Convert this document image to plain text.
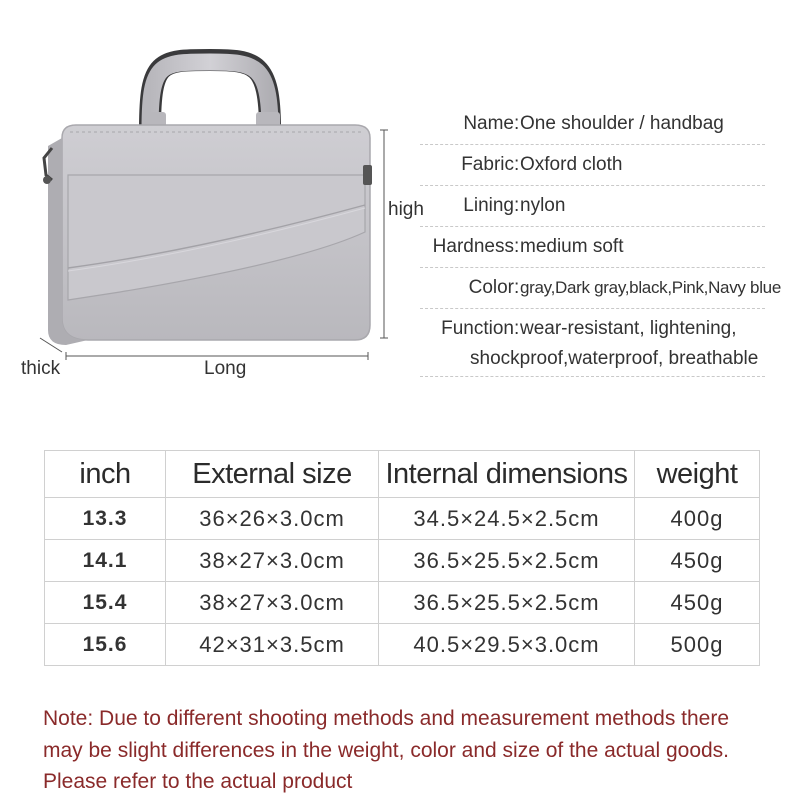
high
thick	Long
Name : One shoulder / handbag
Fabric : Oxford cloth
Lining : nylon
Hardness : medium soft
Color : gray,Dark gray,black,Pink,Navy blue
Function : wear-resistant, lightening,
shockproof,waterproof, breathable
inch	External size	Internal dimensions	weight
13.3	36×26×3.0cm	34.5×24.5×2.5cm	400g
14.1	38×27×3.0cm	36.5×25.5×2.5cm	450g
15.4	38×27×3.0cm	36.5×25.5×2.5cm	450g
15.6	42×31×3.5cm	40.5×29.5×3.0cm	500g
Note: Due to different shooting methods and measurement methods there
may be slight differences in the weight, color and size of the actual goods.
Please refer to the actual product
